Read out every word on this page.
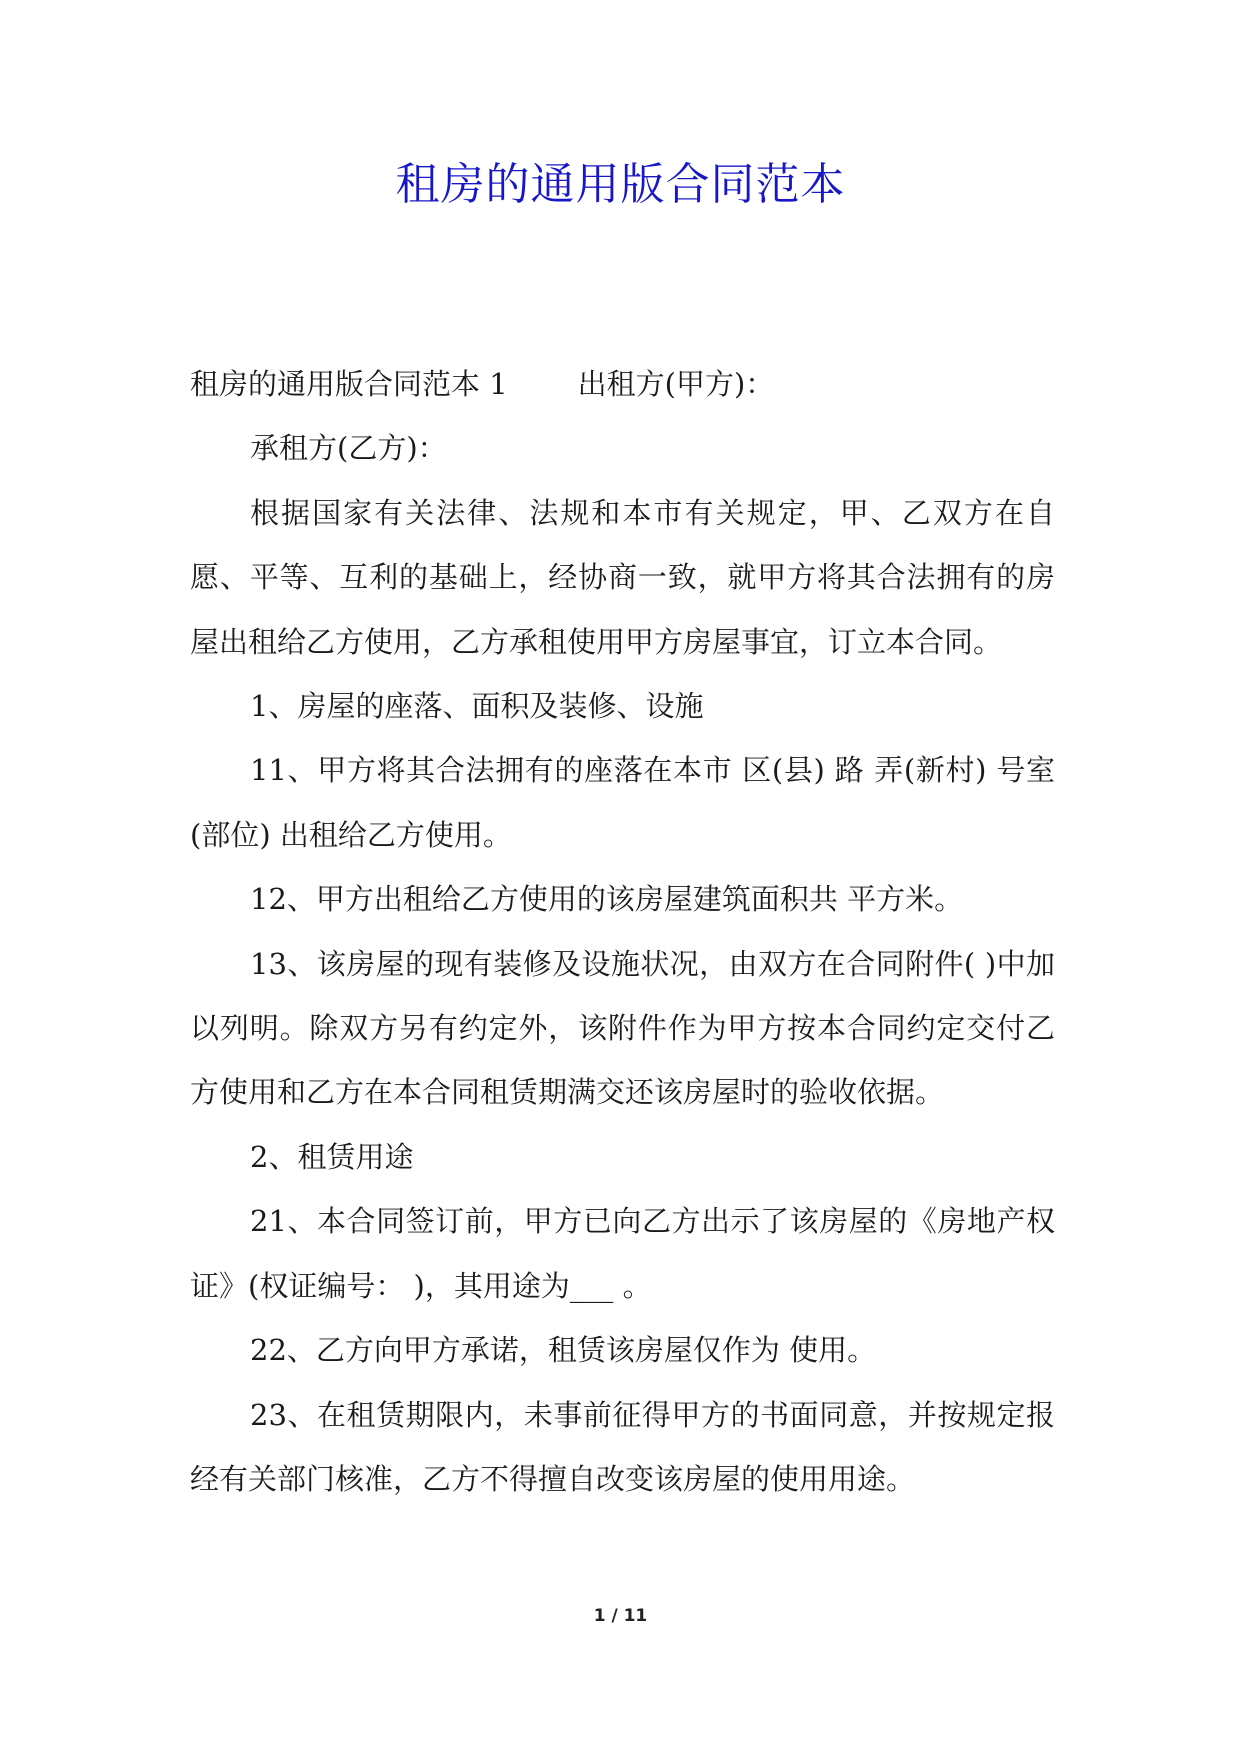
租房的通用版合同范本

租房的通用版合同范本 1 出租方(甲方)：

承租方(乙方)：

根据国家有关法律、法规和本市有关规定，甲、乙双方在自愿、平等、互利的基础上，经协商一致，就甲方将其合法拥有的房屋出租给乙方使用，乙方承租使用甲方房屋事宜，订立本合同。

1、房屋的座落、面积及装修、设施

11、甲方将其合法拥有的座落在本市 区(县) 路 弄(新村) 号室(部位) 出租给乙方使用。

12、甲方出租给乙方使用的该房屋建筑面积共 平方米。

13、该房屋的现有装修及设施状况，由双方在合同附件( )中加以列明。除双方另有约定外，该附件作为甲方按本合同约定交付乙方使用和乙方在本合同租赁期满交还该房屋时的验收依据。

2、租赁用途

21、本合同签订前，甲方已向乙方出示了该房屋的《房地产权证》(权证编号： )，其用途为___ 。

22、乙方向甲方承诺，租赁该房屋仅作为 使用。

23、在租赁期限内，未事前征得甲方的书面同意，并按规定报经有关部门核准，乙方不得擅自改变该房屋的使用用途。

1 / 11
